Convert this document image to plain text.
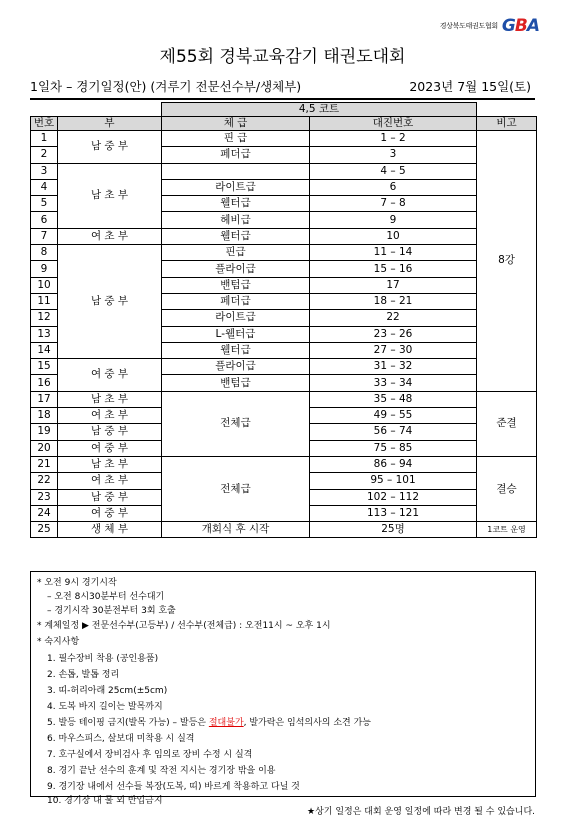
경상북도태권도협회 GBA
제55회 경북교육감기 태권도대회
1일차 – 경기일정(안) (겨루기 전문선수부/생체부)	2023년 7월 15일(토)
		4,5 코트		
번호	부	체 급	대진번호	비고
1	남 중 부	핀 급	1 – 2	8강
2		페더급	3	
3	남 초 부		4 – 5	
4		라이트급	6	
5		웰터급	7 – 8	
6		헤비급	9	
7	여 초 부	웰터급	10	
8	남 중 부	핀급	11 – 14	
9		플라이급	15 – 16	
10		밴텀급	17	
11		페더급	18 – 21	
12		라이트급	22	
13		L-웰터급	23 – 26	
14		웰터급	27 – 30	
15	여 중 부	플라이급	31 – 32	
16		밴텀급	33 – 34	
17	남 초 부	전체급	35 – 48	준결
18	여 초 부		49 – 55	
19	남 중 부		56 – 74	
20	여 중 부		75 – 85	
21	남 초 부	전체급	86 – 94	결승
22	여 초 부		95 – 101	
23	남 중 부		102 – 112	
24	여 중 부		113 – 121	
25	생 체 부	개회식 후 시작	25명	1코트 운영
* 오전 9시 경기시작
– 오전 8시30분부터 선수대기
– 경기시작 30분전부터 3회 호출
* 계체일정 ▶ 전문선수부(고등부) / 선수부(전체급) : 오전11시 ~ 오후 1시
* 숙지사항
1. 필수장비 착용 (공인용품)
2. 손톱, 발톱 정리
3. 띠-허리아래 25cm(±5cm)
4. 도복 바지 길이는 발목까지
5. 발등 테이핑 금지(발목 가능) – 발등은 절대불가, 발가락은 임석의사의 소견 가능
6. 마우스피스, 살보대 미착용 시 실격
7. 호구실에서 장비검사 후 임의로 장비 수정 시 실격
8. 경기 끝난 선수의 훈계 및 작전 지시는 경기장 밖을 이용
9. 경기장 내에서 선수들 복장(도복, 띠) 바르게 착용하고 다닐 것
10. 경기장 내 물 외 반입금지
★상기 일정은 대회 운영 일정에 따라 변경 될 수 있습니다.
